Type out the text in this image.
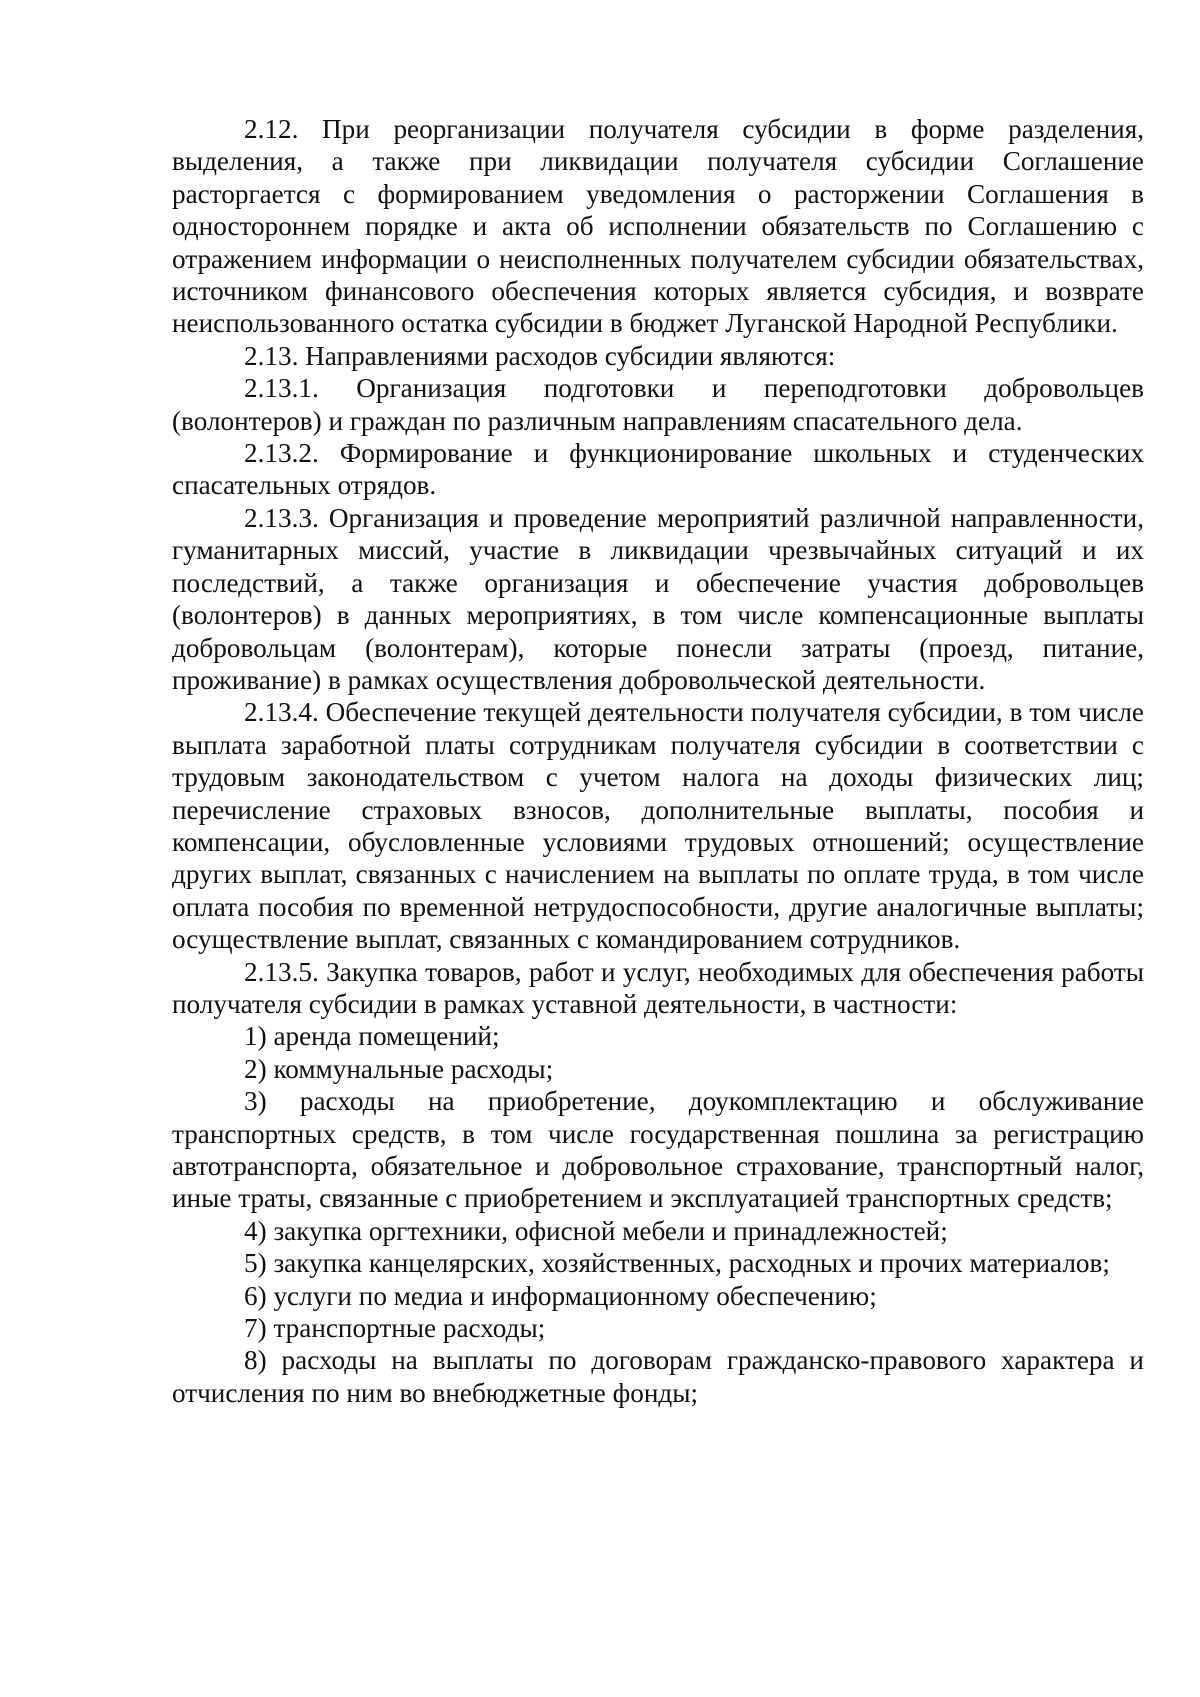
2.12. При реорганизации получателя субсидии в форме разделения, выделения, а также при ликвидации получателя субсидии Соглашение расторгается с формированием уведомления о расторжении Соглашения в одностороннем порядке и акта об исполнении обязательств по Соглашению с отражением информации о неисполненных получателем субсидии обязательствах, источником финансового обеспечения которых является субсидия, и возврате неиспользованного остатка субсидии в бюджет Луганской Народной Республики.

2.13. Направлениями расходов субсидии являются:

2.13.1. Организация подготовки и переподготовки добровольцев (волонтеров) и граждан по различным направлениям спасательного дела.

2.13.2. Формирование и функционирование школьных и студенческих спасательных отрядов.

2.13.3. Организация и проведение мероприятий различной направленности, гуманитарных миссий, участие в ликвидации чрезвычайных ситуаций и их последствий, а также организация и обеспечение участия добровольцев (волонтеров) в данных мероприятиях, в том числе компенсационные выплаты добровольцам (волонтерам), которые понесли затраты (проезд, питание, проживание) в рамках осуществления добровольческой деятельности.

2.13.4. Обеспечение текущей деятельности получателя субсидии, в том числе выплата заработной платы сотрудникам получателя субсидии в соответствии с трудовым законодательством с учетом налога на доходы физических лиц; перечисление страховых взносов, дополнительные выплаты, пособия и компенсации, обусловленные условиями трудовых отношений; осуществление других выплат, связанных с начислением на выплаты по оплате труда, в том числе оплата пособия по временной нетрудоспособности, другие аналогичные выплаты; осуществление выплат, связанных с командированием сотрудников.

2.13.5. Закупка товаров, работ и услуг, необходимых для обеспечения работы получателя субсидии в рамках уставной деятельности, в частности:

1) аренда помещений;

2) коммунальные расходы;

3) расходы на приобретение, доукомплектацию и обслуживание транспортных средств, в том числе государственная пошлина за регистрацию автотранспорта, обязательное и добровольное страхование, транспортный налог, иные траты, связанные с приобретением и эксплуатацией транспортных средств;

4) закупка оргтехники, офисной мебели и принадлежностей;

5) закупка канцелярских, хозяйственных, расходных и прочих материалов;

6) услуги по медиа и информационному обеспечению;

7) транспортные расходы;

8) расходы на выплаты по договорам гражданско-правового характера и отчисления по ним во внебюджетные фонды;
